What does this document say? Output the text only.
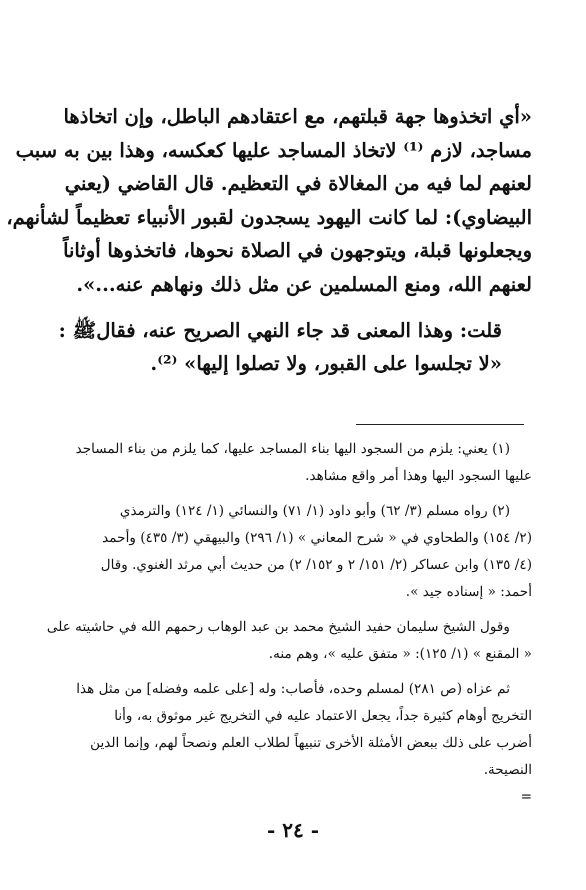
«أي اتخذوها جهة قبلتهم، مع اعتقادهم الباطل، وإن اتخاذها
مساجد، لازم ⁽¹⁾ لاتخاذ المساجد عليها كعكسه، وهذا بين به سبب
لعنهم لما فيه من المغالاة في التعظيم. قال القاضي (يعني
البيضاوي): لما كانت اليهود يسجدون لقبور الأنبياء تعظيماً لشأنهم،
ويجعلونها قبلة، ويتوجهون في الصلاة نحوها، فاتخذوها أوثاناً
لعنهم الله، ومنع المسلمين عن مثل ذلك ونهاهم عنه...».

قلت: وهذا المعنى قد جاء النهي الصريح عنه، فقالﷺ :
«لا تجلسوا على القبور، ولا تصلوا إليها» ⁽²⁾.

(١) يعني: يلزم من السجود اليها بناء المساجد عليها، كما يلزم من بناء المساجد
عليها السجود اليها وهذا أمر واقع مشاهد.
(٢) رواه مسلم (٣/ ٦٢) وأبو داود (١/ ٧١) والنسائي (١/ ١٢٤) والترمذي
(٢/ ١٥٤) والطحاوي في « شرح المعاني » (١/ ٢٩٦) والبيهقي (٣/ ٤٣٥) وأحمد
(٤/ ١٣٥) وابن عساكر (٢/ ١٥١/ ٢ و ١٥٢/ ٢) من حديث أبي مرثد الغنوي. وقال
أحمد: « إسناده جيد ».
وقول الشيخ سليمان حفيد الشيخ محمد بن عبد الوهاب رحمهم الله في حاشيته على
« المقنع » (١/ ١٢٥): « متفق عليه »، وهم منه.
ثم عزاه (ص ٢٨١) لمسلم وحده، فأصاب: وله [على علمه وفضله] من مثل هذا
التخريج أوهام كثيرة جداً، يجعل الاعتماد عليه في التخريج غير موثوق به، وأنا
أضرب على ذلك ببعض الأمثلة الأخرى تنبيهاً لطلاب العلم ونصحاً لهم، وإنما الدين
النصيحة.
=
- ٢٤ -
